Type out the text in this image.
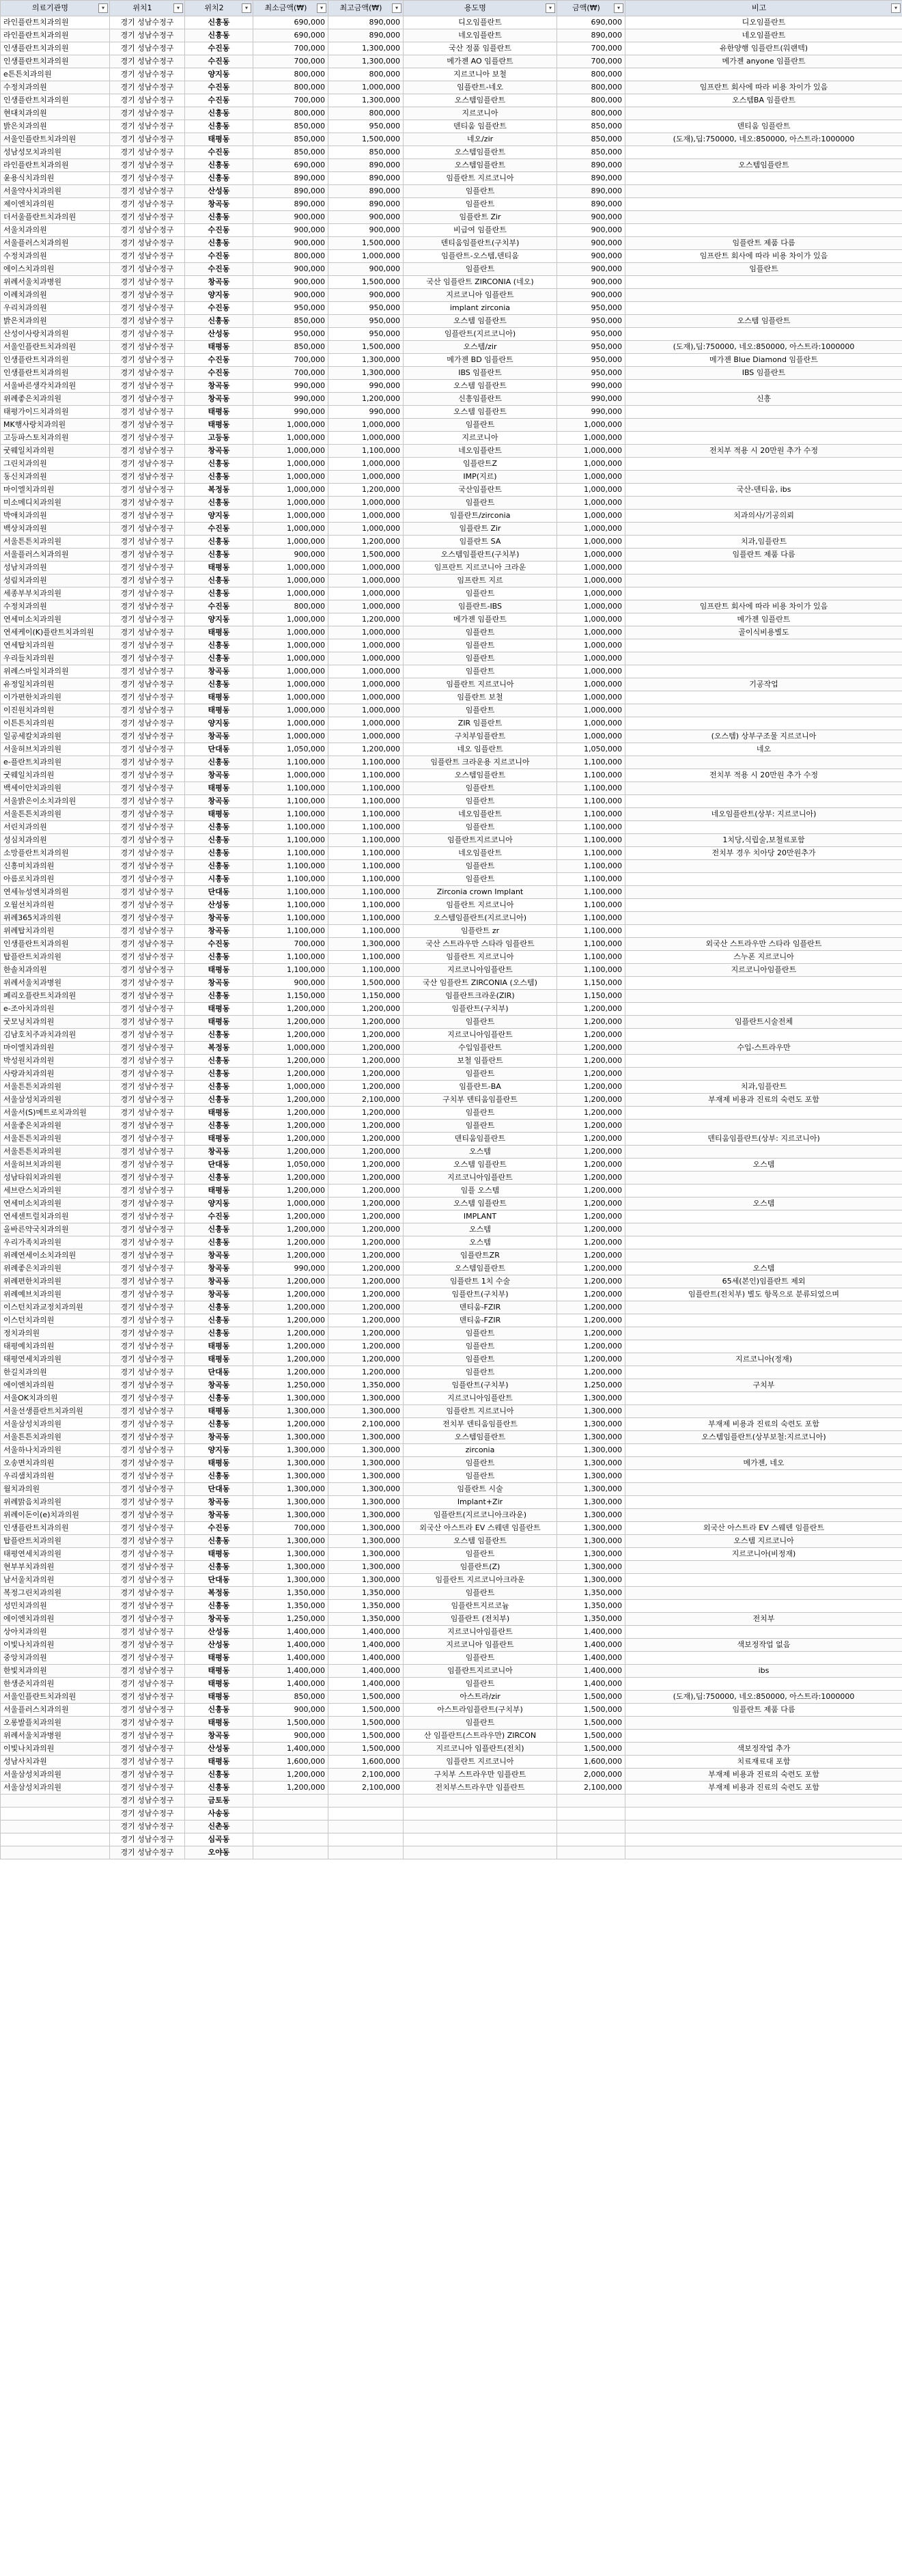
의료기관명 ▾	위치1 ▾	위치2 ▾	최소금액(₩) ▾	최고금액(₩) ▾	용도명 ▾	금액(₩) ▾	비고 ▾

라인플란트치과의원	경기 성남수정구	신흥동	690,000	890,000	디오임플란트	690,000	디오임플란트
라인플란트치과의원	경기 성남수정구	신흥동	690,000	890,000	네오임플란트	890,000	네오임플란트
인생플란트치과의원	경기 성남수정구	수진동	700,000	1,300,000	국산 정품 임플란트	700,000	유한양행 임플란트(워랜텍)
인생플란트치과의원	경기 성남수정구	수진동	700,000	1,300,000	메가젠 AO 임플란트	700,000	메가젠 anyone 임플란트
e튼튼치과의원	경기 성남수정구	양지동	800,000	800,000	지르코니아 보철	800,000	
수정치과의원	경기 성남수정구	수진동	800,000	1,000,000	임플란트-네오	800,000	임프란트 회사에 따라 비용 차이가 있음
인생플란트치과의원	경기 성남수정구	수진동	700,000	1,300,000	오스템임플란트	800,000	오스템BA 임플란트
현대치과의원	경기 성남수정구	신흥동	800,000	800,000	지르코니아	800,000	
밝은치과의원	경기 성남수정구	신흥동	850,000	950,000	덴티움 임플란트	850,000	덴티움 임플란트
서울인플란트치과의원	경기 성남수정구	태평동	850,000	1,500,000	네오/zir	850,000	(도재),딥:750000, 네오:850000, 아스트라:1000000
성남성모치과의원	경기 성남수정구	수진동	850,000	850,000	오스템임플란트	850,000	
라인플란트치과의원	경기 성남수정구	신흥동	690,000	890,000	오스템임플란트	890,000	오스템임플란트
윤용식치과의원	경기 성남수정구	신흥동	890,000	890,000	임플란트 지르코니아	890,000	
서울약사치과의원	경기 성남수정구	산성동	890,000	890,000	임플란트	890,000	
제이엔치과의원	경기 성남수정구	창곡동	890,000	890,000	임플란트	890,000	
더서울플란트치과의원	경기 성남수정구	신흥동	900,000	900,000	임플란트 Zir	900,000	
서울치과의원	경기 성남수정구	수진동	900,000	900,000	비급여 임플란트	900,000	
서울플러스치과의원	경기 성남수정구	신흥동	900,000	1,500,000	덴티움임플란트(구치부)	900,000	임플란트 제품 다름
수정치과의원	경기 성남수정구	수진동	800,000	1,000,000	임플란트-오스템,덴티움	900,000	임프란트 회사에 따라 비용 차이가 있음
에이스치과의원	경기 성남수정구	수진동	900,000	900,000	임플란트	900,000	임플란트
위례서울치과병원	경기 성남수정구	창곡동	900,000	1,500,000	국산 임플란트 ZIRCONIA (네오)	900,000	
이례치과의원	경기 성남수정구	양지동	900,000	900,000	지르코니아 임플란트	900,000	
우리치과의원	경기 성남수정구	수진동	950,000	950,000	implant zirconia	950,000	
밝은치과의원	경기 성남수정구	신흥동	850,000	950,000	오스템 임플란트	950,000	오스템 임플란트
산성이사랑치과의원	경기 성남수정구	산성동	950,000	950,000	임플란트(지르코니아)	950,000	
서울인플란트치과의원	경기 성남수정구	태평동	850,000	1,500,000	오스템/zir	950,000	(도재),딥:750000, 네오:850000, 아스트라:1000000
인생플란트치과의원	경기 성남수정구	수진동	700,000	1,300,000	메가젠 BD 임플란트	950,000	메가젠 Blue Diamond 임플란트
인생플란트치과의원	경기 성남수정구	수진동	700,000	1,300,000	IBS 임플란트	950,000	IBS 임플란트
서울바른생각치과의원	경기 성남수정구	창곡동	990,000	990,000	오스템 임플란트	990,000	
위례좋은치과의원	경기 성남수정구	창곡동	990,000	1,200,000	신흥임플란트	990,000	신흥
태평가이드치과의원	경기 성남수정구	태평동	990,000	990,000	오스템 임플란트	990,000	
MK행사랑치과의원	경기 성남수정구	태평동	1,000,000	1,000,000	임플란트	1,000,000	
고등파스토치과의원	경기 성남수정구	고등동	1,000,000	1,000,000	지르코니아	1,000,000	
굿웨일치과의원	경기 성남수정구	창곡동	1,000,000	1,100,000	네오임플란트	1,000,000	전치부 적용 시 20만원 추가 수정
그린치과의원	경기 성남수정구	신흥동	1,000,000	1,000,000	임플란트Z	1,000,000	
동신치과의원	경기 성남수정구	신흥동	1,000,000	1,000,000	IMP(지르)	1,000,000	
마이엘치과의원	경기 성남수정구	복정동	1,000,000	1,200,000	국산임플란트	1,000,000	국산-덴티움, ibs
미소메디치과의원	경기 성남수정구	신흥동	1,000,000	1,000,000	임플란트	1,000,000	
박애치과의원	경기 성남수정구	양지동	1,000,000	1,000,000	임플란트/zirconia	1,000,000	치과의사/기공의뢰
백상치과의원	경기 성남수정구	수진동	1,000,000	1,000,000	임플란트 Zir	1,000,000	
서울튼튼치과의원	경기 성남수정구	신흥동	1,000,000	1,200,000	임플란트 SA	1,000,000	치과,임플란트
서울플러스치과의원	경기 성남수정구	신흥동	900,000	1,500,000	오스템임플란트(구치부)	1,000,000	임플란트 제품 다름
성남치과의원	경기 성남수정구	태평동	1,000,000	1,000,000	임프란트 지르코니아 크라운	1,000,000	
성림치과의원	경기 성남수정구	신흥동	1,000,000	1,000,000	임프란트 지르	1,000,000	
세종부부치과의원	경기 성남수정구	신흥동	1,000,000	1,000,000	임플란트	1,000,000	
수정치과의원	경기 성남수정구	수진동	800,000	1,000,000	임플란트-IBS	1,000,000	임프란트 회사에 따라 비용 차이가 있음
연세미소치과의원	경기 성남수정구	양지동	1,000,000	1,200,000	메가젠 임플란트	1,000,000	메가젠 임플란트
연세케이(K)플란트치과의원	경기 성남수정구	태평동	1,000,000	1,000,000	임플란트	1,000,000	골이식비용별도
연세탑치과의원	경기 성남수정구	신흥동	1,000,000	1,000,000	임플란트	1,000,000	
우리들치과의원	경기 성남수정구	신흥동	1,000,000	1,000,000	임플란트	1,000,000	
위례스마일치과의원	경기 성남수정구	창곡동	1,000,000	1,000,000	임플란트	1,000,000	
유정일치과의원	경기 성남수정구	신흥동	1,000,000	1,000,000	임플란트 지르코니아	1,000,000	기공작업
이가편한치과의원	경기 성남수정구	태평동	1,000,000	1,000,000	임플란트 보철	1,000,000	
이진원치과의원	경기 성남수정구	태평동	1,000,000	1,000,000	임플란트	1,000,000	
이튼튼치과의원	경기 성남수정구	양지동	1,000,000	1,000,000	ZIR 임플란트	1,000,000	
일공세칼치과의원	경기 성남수정구	창곡동	1,000,000	1,000,000	구치부임플란트	1,000,000	(오스템) 상부구조물 지르코니아
서울허브치과의원	경기 성남수정구	단대동	1,050,000	1,200,000	네오 임플란트	1,050,000	네오
e-플란트치과의원	경기 성남수정구	신흥동	1,100,000	1,100,000	임플란트 크라운용 지르코니아	1,100,000	
굿웨일치과의원	경기 성남수정구	창곡동	1,000,000	1,100,000	오스템임플란트	1,100,000	전치부 적용 시 20만원 추가 수정
백세이안치과의원	경기 성남수정구	태평동	1,100,000	1,100,000	임플란트	1,100,000	
서울밝은이소치과의원	경기 성남수정구	창곡동	1,100,000	1,100,000	임플란트	1,100,000	
서울튼튼치과의원	경기 성남수정구	태평동	1,100,000	1,100,000	네오임플란트	1,100,000	네오임플란트(상부: 지르코니아)
서린치과의원	경기 성남수정구	신흥동	1,100,000	1,100,000	임플란트	1,100,000	
성심치과의원	경기 성남수정구	신흥동	1,100,000	1,100,000	임플란트지르코니아	1,100,000	1치당,식립술,보철료포함
소망플란트치과의원	경기 성남수정구	신흥동	1,100,000	1,100,000	네오임플란트	1,100,000	전치부 경우 치아당 20만원추가
신흥미치과의원	경기 성남수정구	신흥동	1,100,000	1,100,000	임플란트	1,100,000	
아름로치과의원	경기 성남수정구	시흥동	1,100,000	1,100,000	임플란트	1,100,000	
연세뉴성엔치과의원	경기 성남수정구	단대동	1,100,000	1,100,000	Zirconia crown Implant	1,100,000	
오월선치과의원	경기 성남수정구	산성동	1,100,000	1,100,000	임플란트 지르코니아	1,100,000	
위례365치과의원	경기 성남수정구	창곡동	1,100,000	1,100,000	오스템임플란트(지르코니아)	1,100,000	
위례탑치과의원	경기 성남수정구	창곡동	1,100,000	1,100,000	임플란트 zr	1,100,000	
인생플란트치과의원	경기 성남수정구	수진동	700,000	1,300,000	국산 스트라우만 스타라 임플란트	1,100,000	외국산 스트라우만 스타라 임플란트
탑플란트치과의원	경기 성남수정구	신흥동	1,100,000	1,100,000	임플란트 지르코니아	1,100,000	스누폰 지르코니아
한솔치과의원	경기 성남수정구	태평동	1,100,000	1,100,000	지르코니아임플란트	1,100,000	지르코니아임플란트
위례서울치과병원	경기 성남수정구	창곡동	900,000	1,500,000	국산 임플란트 ZIRCONIA (오스템)	1,150,000	
페리오플란트치과의원	경기 성남수정구	신흥동	1,150,000	1,150,000	임플란트크라운(ZIR)	1,150,000	
e-조아치과의원	경기 성남수정구	태평동	1,200,000	1,200,000	임플란트(구치부)	1,200,000	
굿모닝치과의원	경기 성남수정구	태평동	1,200,000	1,200,000	임플란트	1,200,000	임플란트시술전체
김남호치주과치과의원	경기 성남수정구	신흥동	1,200,000	1,200,000	지르코니아임플란트	1,200,000	
마이엘치과의원	경기 성남수정구	복정동	1,000,000	1,200,000	수입임플란트	1,200,000	수입-스트라우만
박성원치과의원	경기 성남수정구	신흥동	1,200,000	1,200,000	보철 임플란트	1,200,000	
사랑과치과의원	경기 성남수정구	신흥동	1,200,000	1,200,000	임플란트	1,200,000	
서울튼튼치과의원	경기 성남수정구	신흥동	1,000,000	1,200,000	임플란트-BA	1,200,000	치과,임플란트
서울삼성치과의원	경기 성남수정구	신흥동	1,200,000	2,100,000	구치부 덴티움임플란트	1,200,000	부재제 비용과 진료의 숙련도 포함
서울서(S)메트로치과의원	경기 성남수정구	태평동	1,200,000	1,200,000	임플란트	1,200,000	
서울좋은치과의원	경기 성남수정구	신흥동	1,200,000	1,200,000	임플란트	1,200,000	
서울튼튼치과의원	경기 성남수정구	태평동	1,200,000	1,200,000	덴티움임플란트	1,200,000	덴티움임플란트(상부: 지르코니아)
서울튼튼치과의원	경기 성남수정구	창곡동	1,200,000	1,200,000	오스템	1,200,000	
서울허브치과의원	경기 성남수정구	단대동	1,050,000	1,200,000	오스템 임플란트	1,200,000	오스템
성남타워치과의원	경기 성남수정구	신흥동	1,200,000	1,200,000	지르코니아임플란트	1,200,000	
세브란스치과의원	경기 성남수정구	태평동	1,200,000	1,200,000	임플 오스템	1,200,000	
연세미소치과의원	경기 성남수정구	양지동	1,000,000	1,200,000	오스템 임플란트	1,200,000	오스템
연세센트럴치과의원	경기 성남수정구	수진동	1,200,000	1,200,000	IMPLANT	1,200,000	
올바른약국치과의원	경기 성남수정구	신흥동	1,200,000	1,200,000	오스템	1,200,000	
우리가족치과의원	경기 성남수정구	신흥동	1,200,000	1,200,000	오스템	1,200,000	
위례연세이소치과의원	경기 성남수정구	창곡동	1,200,000	1,200,000	임플란트ZR	1,200,000	
위례좋은치과의원	경기 성남수정구	창곡동	990,000	1,200,000	오스템임플란트	1,200,000	오스템
위례편한치과의원	경기 성남수정구	창곡동	1,200,000	1,200,000	임플란트 1치 수술	1,200,000	65세(본인)임플란트 제외
위례예브치과의원	경기 성남수정구	창곡동	1,200,000	1,200,000	임플란트(구치부)	1,200,000	임플란트(전치부) 별도 항목으로 분류되었으며
이스턴치과교정치과의원	경기 성남수정구	신흥동	1,200,000	1,200,000	덴티움-FZIR	1,200,000	
이스턴치과의원	경기 성남수정구	신흥동	1,200,000	1,200,000	덴티움-FZIR	1,200,000	
정치과의원	경기 성남수정구	신흥동	1,200,000	1,200,000	임플란트	1,200,000	
태평예치과의원	경기 성남수정구	태평동	1,200,000	1,200,000	임플란트	1,200,000	
태평연세치과의원	경기 성남수정구	태평동	1,200,000	1,200,000	임플란트	1,200,000	지르코니아(정재)
한길치과의원	경기 성남수정구	단대동	1,200,000	1,200,000	임플란트	1,200,000	
에이엔치과의원	경기 성남수정구	창곡동	1,250,000	1,350,000	임플란트(구치부)	1,250,000	구치부
서울OK치과의원	경기 성남수정구	신흥동	1,300,000	1,300,000	지르코니아임플란트	1,300,000	
서울선생플란트치과의원	경기 성남수정구	태평동	1,300,000	1,300,000	임플란트 지르코니아	1,300,000	
서울삼성치과의원	경기 성남수정구	신흥동	1,200,000	2,100,000	전치부 덴티움임플란트	1,300,000	부재제 비용과 진료의 숙련도 포함
서울튼튼치과의원	경기 성남수정구	창곡동	1,300,000	1,300,000	오스템임플란트	1,300,000	오스템임플란트(상부보철:지르코니아)
서울하나치과의원	경기 성남수정구	양지동	1,300,000	1,300,000	zirconia	1,300,000	
오송면치과의원	경기 성남수정구	태평동	1,300,000	1,300,000	임플란트	1,300,000	메가젠, 네오
우리샘치과의원	경기 성남수정구	신흥동	1,300,000	1,300,000	임플란트	1,300,000	
월치과의원	경기 성남수정구	단대동	1,300,000	1,300,000	임플란트 시술	1,300,000	
위례맑음치과의원	경기 성남수정구	창곡동	1,300,000	1,300,000	Implant+Zir	1,300,000	
위례이돈이(e)치과의원	경기 성남수정구	창곡동	1,300,000	1,300,000	임플란트(지르코니아크라운)	1,300,000	
인생플란트치과의원	경기 성남수정구	수진동	700,000	1,300,000	외국산 아스트라 EV 스웨덴 임플란트	1,300,000	외국산 아스트라 EV 스웨덴 임플란트
탑플란트치과의원	경기 성남수정구	신흥동	1,300,000	1,300,000	오스템 임플란트	1,300,000	오스템 지르코니아
태평연세치과의원	경기 성남수정구	태평동	1,300,000	1,300,000	임플란트	1,300,000	지르코니아(비정재)
현부부치과의원	경기 성남수정구	신흥동	1,300,000	1,300,000	임플란트(Z)	1,300,000	
남서울치과의원	경기 성남수정구	단대동	1,300,000	1,300,000	임플란트 지르코니아크라운	1,300,000	
복정그린치과의원	경기 성남수정구	복정동	1,350,000	1,350,000	임플란트	1,350,000	
성민치과의원	경기 성남수정구	신흥동	1,350,000	1,350,000	임플란트지르코늄	1,350,000	
에이엔치과의원	경기 성남수정구	창곡동	1,250,000	1,350,000	임플란트 (전치부)	1,350,000	전치부
상아치과의원	경기 성남수정구	산성동	1,400,000	1,400,000	지르코니아임플란트	1,400,000	
이빛나치과의원	경기 성남수정구	산성동	1,400,000	1,400,000	지르코니아 임플란트	1,400,000	색보정작업 없음
중앙치과의원	경기 성남수정구	태평동	1,400,000	1,400,000	임플란트	1,400,000	
한빛치과의원	경기 성남수정구	태평동	1,400,000	1,400,000	임플란트지르코니아	1,400,000	ibs
한생준치과의원	경기 성남수정구	태평동	1,400,000	1,400,000	임플란트	1,400,000	
서울인플란트치과의원	경기 성남수정구	태평동	850,000	1,500,000	아스트라/zir	1,500,000	(도재),딥:750000, 네오:850000, 아스트라:1000000
서울플러스치과의원	경기 성남수정구	신흥동	900,000	1,500,000	아스트라임플란트(구치부)	1,500,000	임플란트 제품 다름
오롱발플치과의원	경기 성남수정구	태평동	1,500,000	1,500,000	임플란트	1,500,000	
위례서울치과병원	경기 성남수정구	창곡동	900,000	1,500,000	산 임플란트(스트라우만) ZIRCON	1,500,000	
이빛나치과의원	경기 성남수정구	산성동	1,400,000	1,500,000	지르코니아 임플란트(전치)	1,500,000	색보정작업 추가
성남사치과원	경기 성남수정구	태평동	1,600,000	1,600,000	임플란트 지르코니아	1,600,000	치료재료대 포함
서울삼성치과의원	경기 성남수정구	신흥동	1,200,000	2,100,000	구치부 스트라우만 임플란트	2,000,000	부재제 비용과 진료의 숙련도 포함
서울삼성치과의원	경기 성남수정구	신흥동	1,200,000	2,100,000	전치부스트라우만 임플란트	2,100,000	부재제 비용과 진료의 숙련도 포함
	경기 성남수정구	금토동					
	경기 성남수정구	사송동					
	경기 성남수정구	신촌동					
	경기 성남수정구	심곡동					
	경기 성남수정구	오야동					
